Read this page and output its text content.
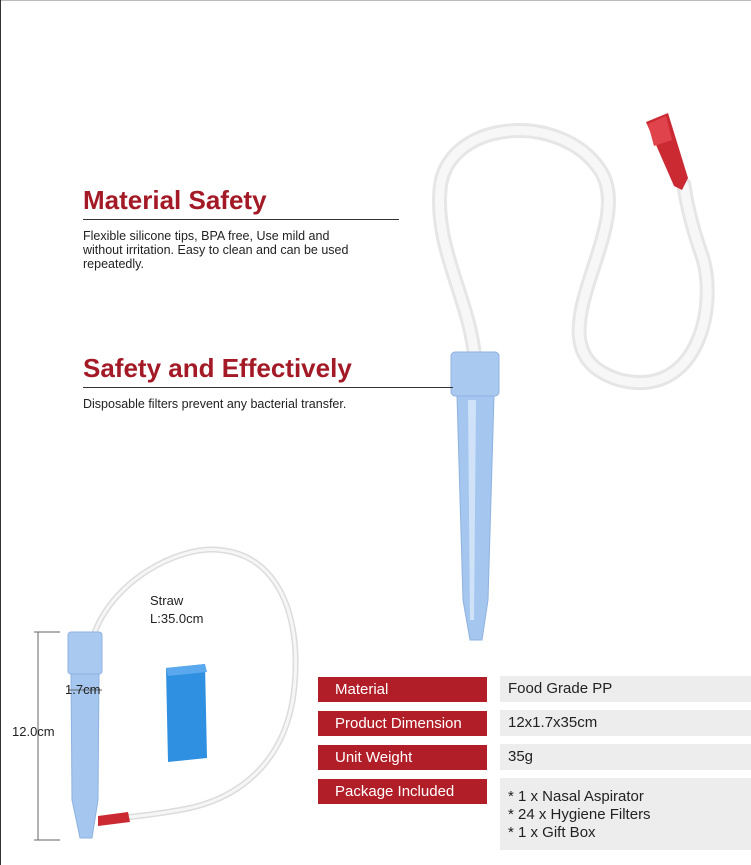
Material Safety
Flexible silicone tips, BPA free, Use mild and
without irritation. Easy to clean and can be used
repeatedly.
Safety and Effectively
Disposable filters prevent any bacterial transfer.
Straw
L:35.0cm
1.7cm
12.0cm
Material	Food Grade PP
Product Dimension	12x1.7x35cm
Unit Weight	35g
Package Included	* 1 x Nasal Aspirator
* 24 x Hygiene Filters
* 1 x Gift Box
